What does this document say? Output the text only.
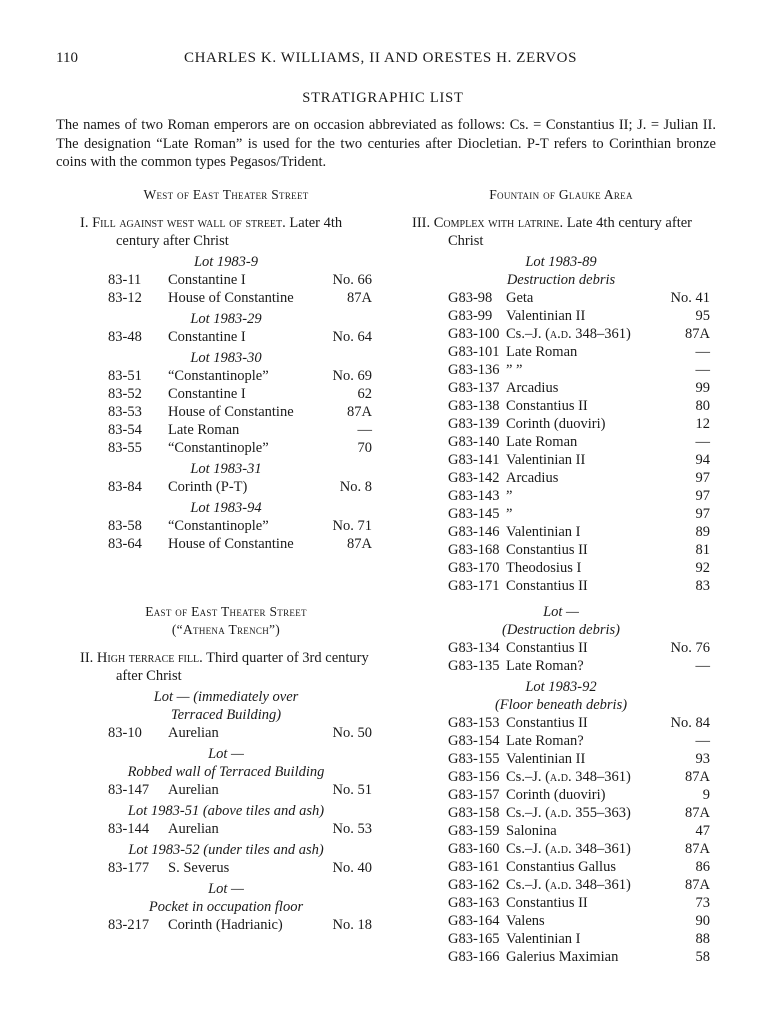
110	CHARLES K. WILLIAMS, II AND ORESTES H. ZERVOS
STRATIGRAPHIC LIST
The names of two Roman emperors are on occasion abbreviated as follows: Cs. = Constantius II; J. = Julian II. The designation “Late Roman” is used for the two centuries after Diocletian. P-T refers to Corinthian bronze coins with the common types Pegasos/Trident.
West of East Theater Street
I. Fill against west wall of street. Later 4th century after Christ
Lot 1983-9
83-11	Constantine I	No. 66
83-12	House of Constantine	87A
Lot 1983-29
83-48	Constantine I	No. 64
Lot 1983-30
83-51	“Constantinople”	No. 69
83-52	Constantine I	62
83-53	House of Constantine	87A
83-54	Late Roman	—
83-55	“Constantinople”	70
Lot 1983-31
83-84	Corinth (P-T)	No. 8
Lot 1983-94
83-58	“Constantinople”	No. 71
83-64	House of Constantine	87A
East of East Theater Street
(“Athena Trench”)
II. High terrace fill. Third quarter of 3rd century after Christ
Lot — (immediately over
Terraced Building)
83-10	Aurelian	No. 50
Lot —
Robbed wall of Terraced Building
83-147	Aurelian	No. 51
Lot 1983-51 (above tiles and ash)
83-144	Aurelian	No. 53
Lot 1983-52 (under tiles and ash)
83-177	S. Severus	No. 40
Lot —
Pocket in occupation floor
83-217	Corinth (Hadrianic)	No. 18
Fountain of Glauke Area
III. Complex with latrine. Late 4th century after Christ
Lot 1983-89
Destruction debris
G83-98 Geta	No. 41
G83-99 Valentinian II	95
G83-100 Cs.–J. (a.d. 348–361)	87A
G83-101 Late Roman	—
G83-136 ” ”	—
G83-137 Arcadius	99
G83-138 Constantius II	80
G83-139 Corinth (duoviri)	12
G83-140 Late Roman	—
G83-141 Valentinian II	94
G83-142 Arcadius	97
G83-143 ”	97
G83-145 ”	97
G83-146 Valentinian I	89
G83-168 Constantius II	81
G83-170 Theodosius I	92
G83-171 Constantius II	83
Lot —
(Destruction debris)
G83-134 Constantius II	No. 76
G83-135 Late Roman?	—
Lot 1983-92
(Floor beneath debris)
G83-153 Constantius II	No. 84
G83-154 Late Roman?	—
G83-155 Valentinian II	93
G83-156 Cs.–J. (a.d. 348–361)	87A
G83-157 Corinth (duoviri)	9
G83-158 Cs.–J. (a.d. 355–363)	87A
G83-159 Salonina	47
G83-160 Cs.–J. (a.d. 348–361)	87A
G83-161 Constantius Gallus	86
G83-162 Cs.–J. (a.d. 348–361)	87A
G83-163 Constantius II	73
G83-164 Valens	90
G83-165 Valentinian I	88
G83-166 Galerius Maximian	58
